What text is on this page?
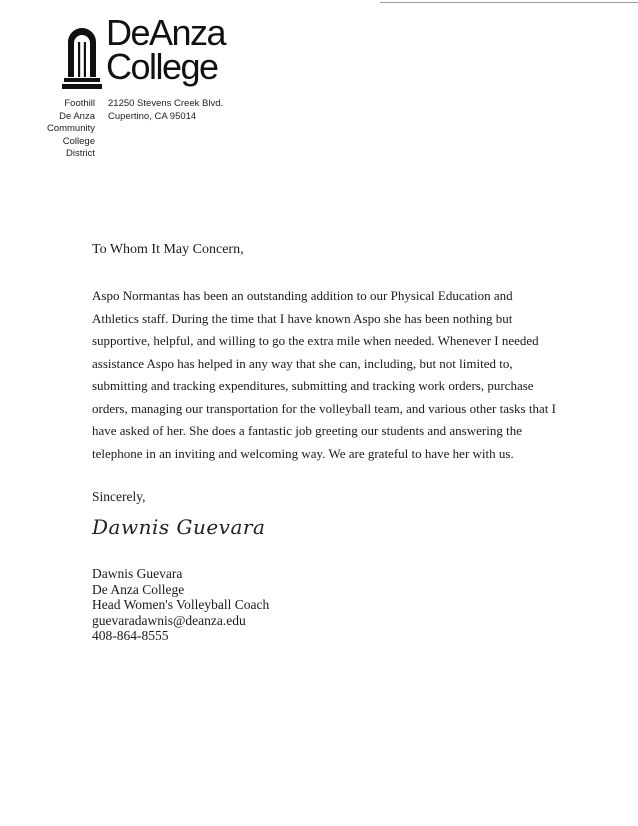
DeAnza
College
Foothill
De Anza
Community
College
District
21250 Stevens Creek Blvd.
Cupertino, CA 95014

To Whom It May Concern,

Aspo Normantas has been an outstanding addition to our Physical Education and
Athletics staff. During the time that I have known Aspo she has been nothing but
supportive, helpful, and willing to go the extra mile when needed. Whenever I needed
assistance Aspo has helped in any way that she can, including, but not limited to,
submitting and tracking expenditures, submitting and tracking work orders, purchase
orders, managing our transportation for the volleyball team, and various other tasks that I
have asked of her. She does a fantastic job greeting our students and answering the
telephone in an inviting and welcoming way. We are grateful to have her with us.

Sincerely,

Dawnis Guevara
Dawnis Guevara
De Anza College
Head Women's Volleyball Coach
guevaradawnis@deanza.edu
408-864-8555
